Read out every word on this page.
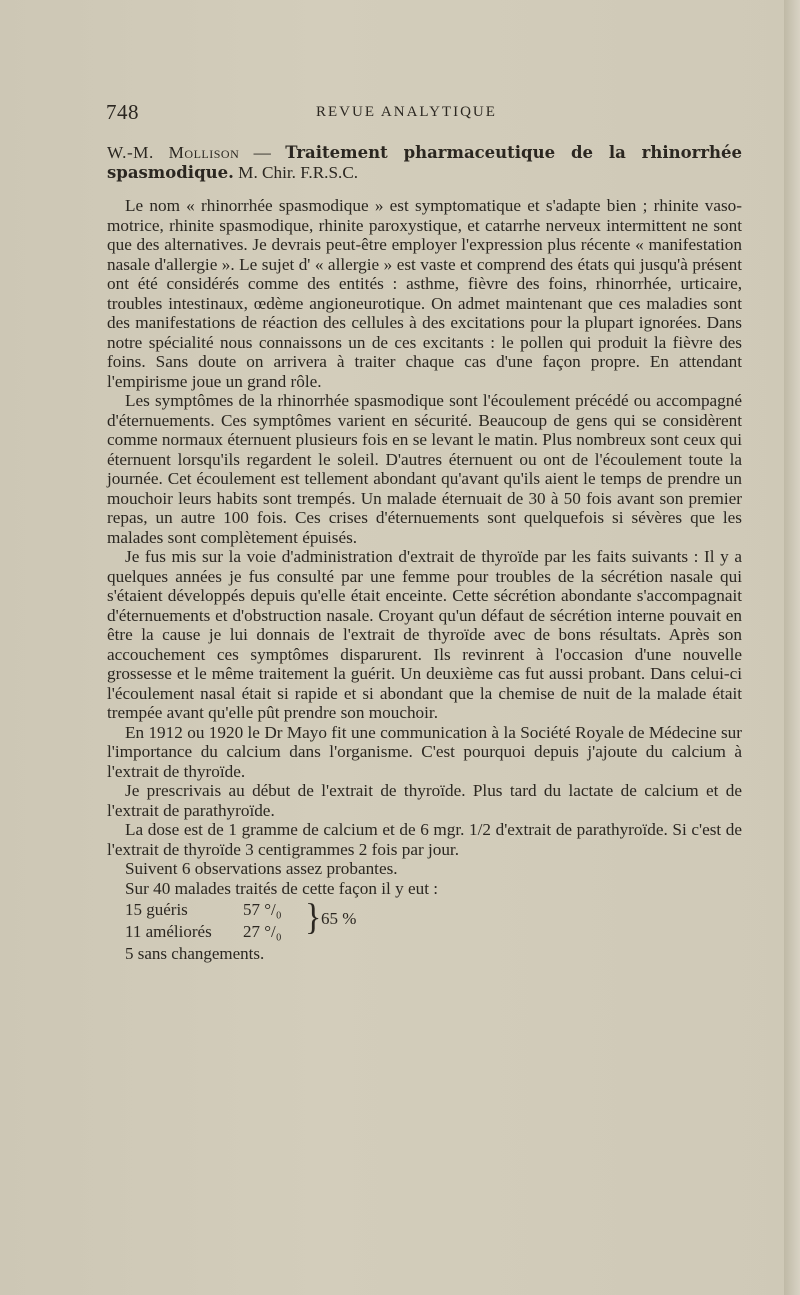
748	REVUE ANALYTIQUE
W.-M. Mollison — Traitement pharmaceutique de la rhinorrhée spasmodique. M. Chir. F.R.S.C.

Le nom « rhinorrhée spasmodique » est symptomatique et s'adapte bien ; rhinite vaso-motrice, rhinite spasmodique, rhinite paroxystique, et catarrhe nerveux intermittent ne sont que des alternatives. Je devrais peut-être employer l'expression plus récente « manifestation nasale d'allergie ». Le sujet d' « allergie » est vaste et comprend des états qui jusqu'à présent ont été considérés comme des entités : asthme, fièvre des foins, rhinorrhée, urticaire, troubles intestinaux, œdème angioneurotique. On admet maintenant que ces maladies sont des manifestations de réaction des cellules à des excitations pour la plupart ignorées. Dans notre spécialité nous connaissons un de ces excitants : le pollen qui produit la fièvre des foins. Sans doute on arrivera à traiter chaque cas d'une façon propre. En attendant l'empirisme joue un grand rôle.

Les symptômes de la rhinorrhée spasmodique sont l'écoulement précédé ou accompagné d'éternuements. Ces symptômes varient en sécurité. Beaucoup de gens qui se considèrent comme normaux éternuent plusieurs fois en se levant le matin. Plus nombreux sont ceux qui éternuent lorsqu'ils regardent le soleil. D'autres éternuent ou ont de l'écoulement toute la journée. Cet écoulement est tellement abondant qu'avant qu'ils aient le temps de prendre un mouchoir leurs habits sont trempés. Un malade éternuait de 30 à 50 fois avant son premier repas, un autre 100 fois. Ces crises d'éternuements sont quelquefois si sévères que les malades sont complètement épuisés.

Je fus mis sur la voie d'administration d'extrait de thyroïde par les faits suivants : Il y a quelques années je fus consulté par une femme pour troubles de la sécrétion nasale qui s'étaient développés depuis qu'elle était enceinte. Cette sécrétion abondante s'accompagnait d'éternuements et d'obstruction nasale. Croyant qu'un défaut de sécrétion interne pouvait en être la cause je lui donnais de l'extrait de thyroïde avec de bons résultats. Après son accouchement ces symptômes disparurent. Ils revinrent à l'occasion d'une nouvelle grossesse et le même traitement la guérit. Un deuxième cas fut aussi probant. Dans celui-ci l'écoulement nasal était si rapide et si abondant que la chemise de nuit de la malade était trempée avant qu'elle pût prendre son mouchoir.

En 1912 ou 1920 le Dr Mayo fit une communication à la Société Royale de Médecine sur l'importance du calcium dans l'organisme. C'est pourquoi depuis j'ajoute du calcium à l'extrait de thyroïde.

Je prescrivais au début de l'extrait de thyroïde. Plus tard du lactate de calcium et de l'extrait de parathyroïde.

La dose est de 1 gramme de calcium et de 6 mgr. 1/2 d'extrait de parathyroïde. Si c'est de l'extrait de thyroïde 3 centigrammes 2 fois par jour.

Suivent 6 observations assez probantes.

Sur 40 malades traités de cette façon il y eut :

15 guéris	57 °/₀
11 améliorés 27 °/₀
5 sans changements.
} 65 %
